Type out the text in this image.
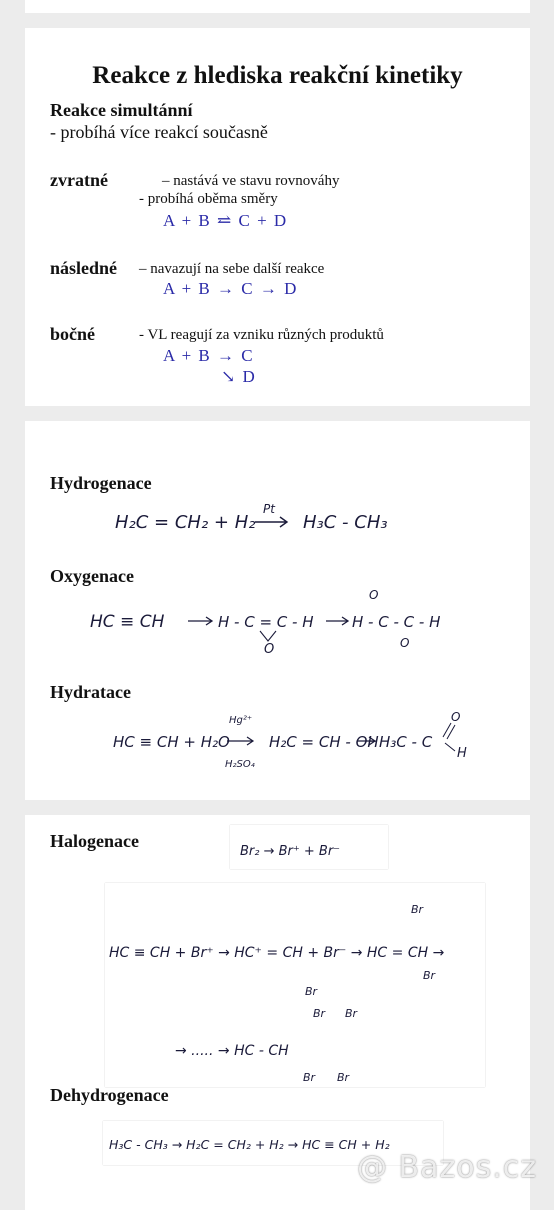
Reakce z hlediska reakční kinetiky
Reakce simultánní
- probíhá více reakcí současně
zvratné	– nastává ve stavu rovnováhy
- probíhá oběma směry
A + B ⥨ C + D
následné – navazují na sebe další reakce
A + B → C → D
bočné	- VL reagují za vzniku různých produktů
A + B → C
↘ D
Hydrogenace
H₂C = CH₂ + H₂
Pt
H₃C - CH₃
Oxygenace
HC ≡ CH	H - C = C - H
O
H - C - C - H
O
O
Hydratace
HC ≡ CH + H₂O
Hg²⁺
H₂SO₄
H₂C = CH - OH H₃C - C
O
H
Halogenace
Br₂ → Br⁺ + Br⁻
HC ≡ CH + Br⁺ → HC⁺ = CH + Br⁻ → HC = CH →
Br
Br
Br
→ ..... → HC - CH
Br Br
Br Br
Dehydrogenace
H₃C - CH₃ → H₂C = CH₂ + H₂ → HC ≡ CH + H₂
@ Bazos.cz
